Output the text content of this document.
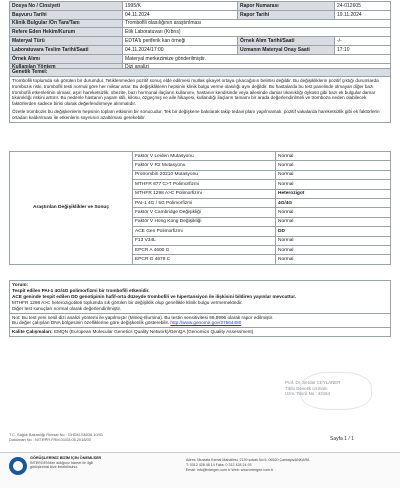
Dosya No / Cinsiyeti	1995/K	Rapor Numarası	24-012605
Başvuru Tarihi	04.11.2024	Rapor Tarihi	19.11.2024
Klinik Bulgular /Ön Tanı/Tanı	Trombofili olasılığının araştırılması		
Refere Eden Hekim/Kurum	Etik Laboratuvarı (Kıbrıs)		
Materyal Türü	EDTA'lı periferik kan örneği	Örnek Alım Tarihi/Saati	-/-
Laboratuvara Teslim Tarihi/Saati	04.11.2024/17:00	Uzmanın Materyal Onay Saati	17:10
Örnek Alımı	Materyal merkezimize gönderilmiştir.		

Genetik Temel:
Trombofili toplumda sık görülen bir durumdur. Tetiklenmeden pozitif sonuç elde edilmesi mutlak şikayet ortaya çıkacağının belirtisi değildir. Bu değişikliklerin pozitif çıktığı durumlarda trombozis riski, trombofili testi normal göre her miktar artar. Bu değişikliklerin hepsinin klinik bulgu verme olasılığı aynı değildir. Bu hastalarda bu test panelinde olmayan diğer bazı trombofili etkenlerinin olması, aşırı hareketsizlik, obezite, bazı hormonal ilaçların kullanımı, hastanın kendisinde veya ailesinde damar tıkanıklığı öyküsü gibi bazı ek bulgular damar tıkanıklığı riskini arttırır. Bu nedenle hastanın yaşam stili, kilosu, özgeçmiş ve aile hikayesi, kullandığı ilaçların tamamı bir arada değerlendirilmeli ve tromboza neden olabilecek faktörlerden sadece birisi olarak değerlendirmeye alınmalıdır.
Özetle trombozis bu değişkenlerin hepsinin toplam etkisinin bir sonucudur. Tek bir değişkene bakılarak takip tedavi planı yapılmamalı, pozitif vakalarda hareketsizlik gibi ek faktörlerin ortadan kaldırılması ile etkenlerin sayısının azaltılması gerekebilir.
Araştırılan Değişiklikler ve Sonuç	Faktör V Leiden Mutasyonu	Normal
	Faktör V R2 Mutasyonu	Normal
	Protrombin 20210 Mutasyonu	Normal
	MTHFR 677 C>T Polimorfizmi	Normal
	MTHFR 1298 A>C Polimorfizmi	Heterozigot
	PAI-1 4G / 5G Polimorfizmi	4G/4G
	Faktör V Cambridge Değişikliği	Normal
	Faktör V Hong Kong Değişikliği	Normal
	ACE Gen Polimorfizmi	DD
	F13 V34L	Normal
	EPCR A 4600 G	Normal
	EPCR G 4678 C	Normal
Yorum:
Tespit edilen PAI-1 4G/4G polimorfizmi bir trombofili etkenidir.
ACE geninde tespit edilen DD genotipinin hafif-orta düzeyde trombofili ve hipertansiyon ile ilişkisini bildiren yayınlar mevcuttur.
MTHFR 1298 A>C heterozigotiteti toplumda sık görülen bir değişiklik olup genellikle klinik bulgu vermemektedir.
Diğer test sonuçları normal olarak değerlendirilmiştir.
Not: Bu test yeni nesil dizi analizi yöntemi ile yapılmıştır (Mineq-Illumina). Bu testin sensitivitesi 99,9996 olarak rapor edilmiştir.
Bu değer çalışılan DNA bölgesinin özelliklerine göre değişkenlik gösterebilir. http://www.genome.gov/27564480
Kalite Çalışmaları: EMQN (European Molecular Genetics Quality Network)/GenQA (Genomics Quality Assessment)
Prof. Dr. Serdar CEYLANER
Tıbbi Genetik Uzmanı
Uzm. Tescil No : 43164
T.C. Sağlık Bakanlığı Ruhsat No : GHDM-SM/36.10/01
Doküman No : NIT.RPR.FRM.01/03.05.2018/00	Sayfa 1 / 1
GÖRÜŞLERİNİZ BİZİM İÇİN ÖNEMLİDİR
İNTERGEN'den aldığınız hizmet ile ilgili
görüşlerinizi bize iletebilirsiniz.
Adres: Mustafa Kemal Mahallesi, 2139 sokak No:5, 06520 Çankaya/ANKARA
T: 0312 428 48 14 Faks: 0 312 428 24 93
Email: info@intergen.com.tr Web: www.intergen.com.tr
